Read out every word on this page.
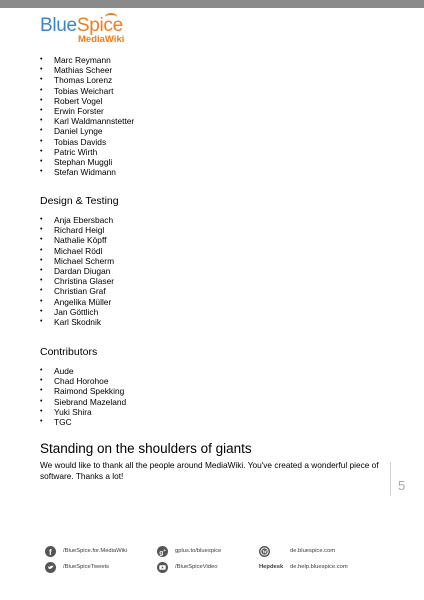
BlueSpice
MediaWiki
• Marc Reymann
• Mathias Scheer
• Thomas Lorenz
• Tobias Weichart
• Robert Vogel
• Erwin Forster
• Karl Waldmannstetter
• Daniel Lynge
• Tobias Davids
• Patric Wirth
• Stephan Muggli
• Stefan Widmann
Design & Testing
• Anja Ebersbach
• Richard Heigl
• Nathalie Köpff
• Michael Rödl
• Michael Scherm
• Dardan Diugan
• Christina Glaser
• Christian Graf
• Angelika Müller
• Jan Göttlich
• Karl Skodnik
Contributors
• Aude
• Chad Horohoe
• Raimond Spekking
• Siebrand Mazeland
• Yuki Shira
• TGC
Standing on the shoulders of giants
We would like to thank all the people around MediaWiki. You've created a wonderful piece of software. Thanks a lot!
5
f /BlueSpice.for.MediaWiki
/BlueSpiceTweets
g + gplus.to/bluespice
/BlueSpiceVideo
W	de.bluespice.com
Hepdesk de.help.bluespice.com
